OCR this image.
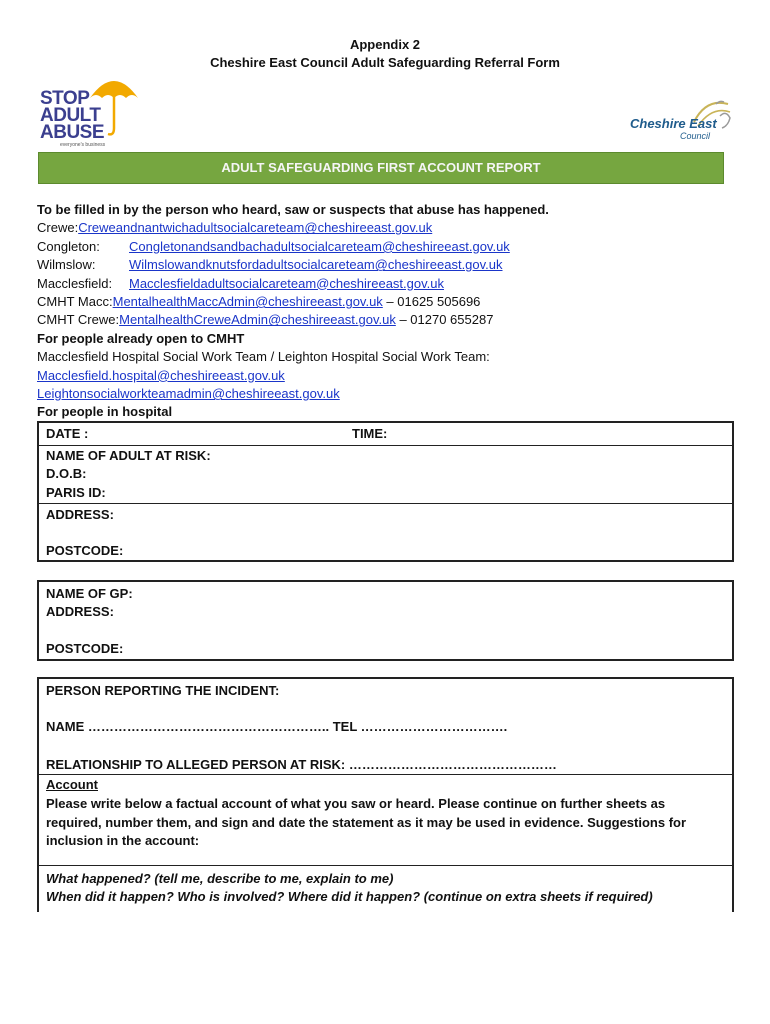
Appendix 2
Cheshire East Council Adult Safeguarding Referral Form
STOP
ADULT
ABUSE
everyone's business
Cheshire East
Council
ADULT SAFEGUARDING FIRST ACCOUNT REPORT
To be filled in by the person who heard, saw or suspects that abuse has happened.
Crewe:Creweandnantwichadultsocialcareteam@cheshireeast.gov.uk
Congleton: Congletonandsandbachadultsocialcareteam@cheshireeast.gov.uk
Wilmslow:	Wilmslowandknutsfordadultsocialcareteam@cheshireeast.gov.uk
Macclesfield: Macclesfieldadultsocialcareteam@cheshireeast.gov.uk
CMHT Macc:MentalhealthMaccAdmin@cheshireeast.gov.uk – 01625 505696
CMHT Crewe:MentalhealthCreweAdmin@cheshireeast.gov.uk – 01270 655287
For people already open to CMHT
Macclesfield Hospital Social Work Team / Leighton Hospital Social Work Team:
Macclesfield.hospital@cheshireeast.gov.uk
Leightonsocialworkteamadmin@cheshireeast.gov.uk
For people in hospital
DATE :	TIME:
NAME OF ADULT AT RISK:
D.O.B:
PARIS ID:
ADDRESS:
POSTCODE:
NAME OF GP:
ADDRESS:
POSTCODE:
PERSON REPORTING THE INCIDENT:
NAME ……………………………………………….. TEL …………………………….
RELATIONSHIP TO ALLEGED PERSON AT RISK: …………………………………………
Account
Please write below a factual account of what you saw or heard. Please continue on further sheets as required, number them, and sign and date the statement as it may be used in evidence. Suggestions for inclusion in the account:
What happened? (tell me, describe to me, explain to me)
When did it happen? Who is involved? Where did it happen? (continue on extra sheets if required)
